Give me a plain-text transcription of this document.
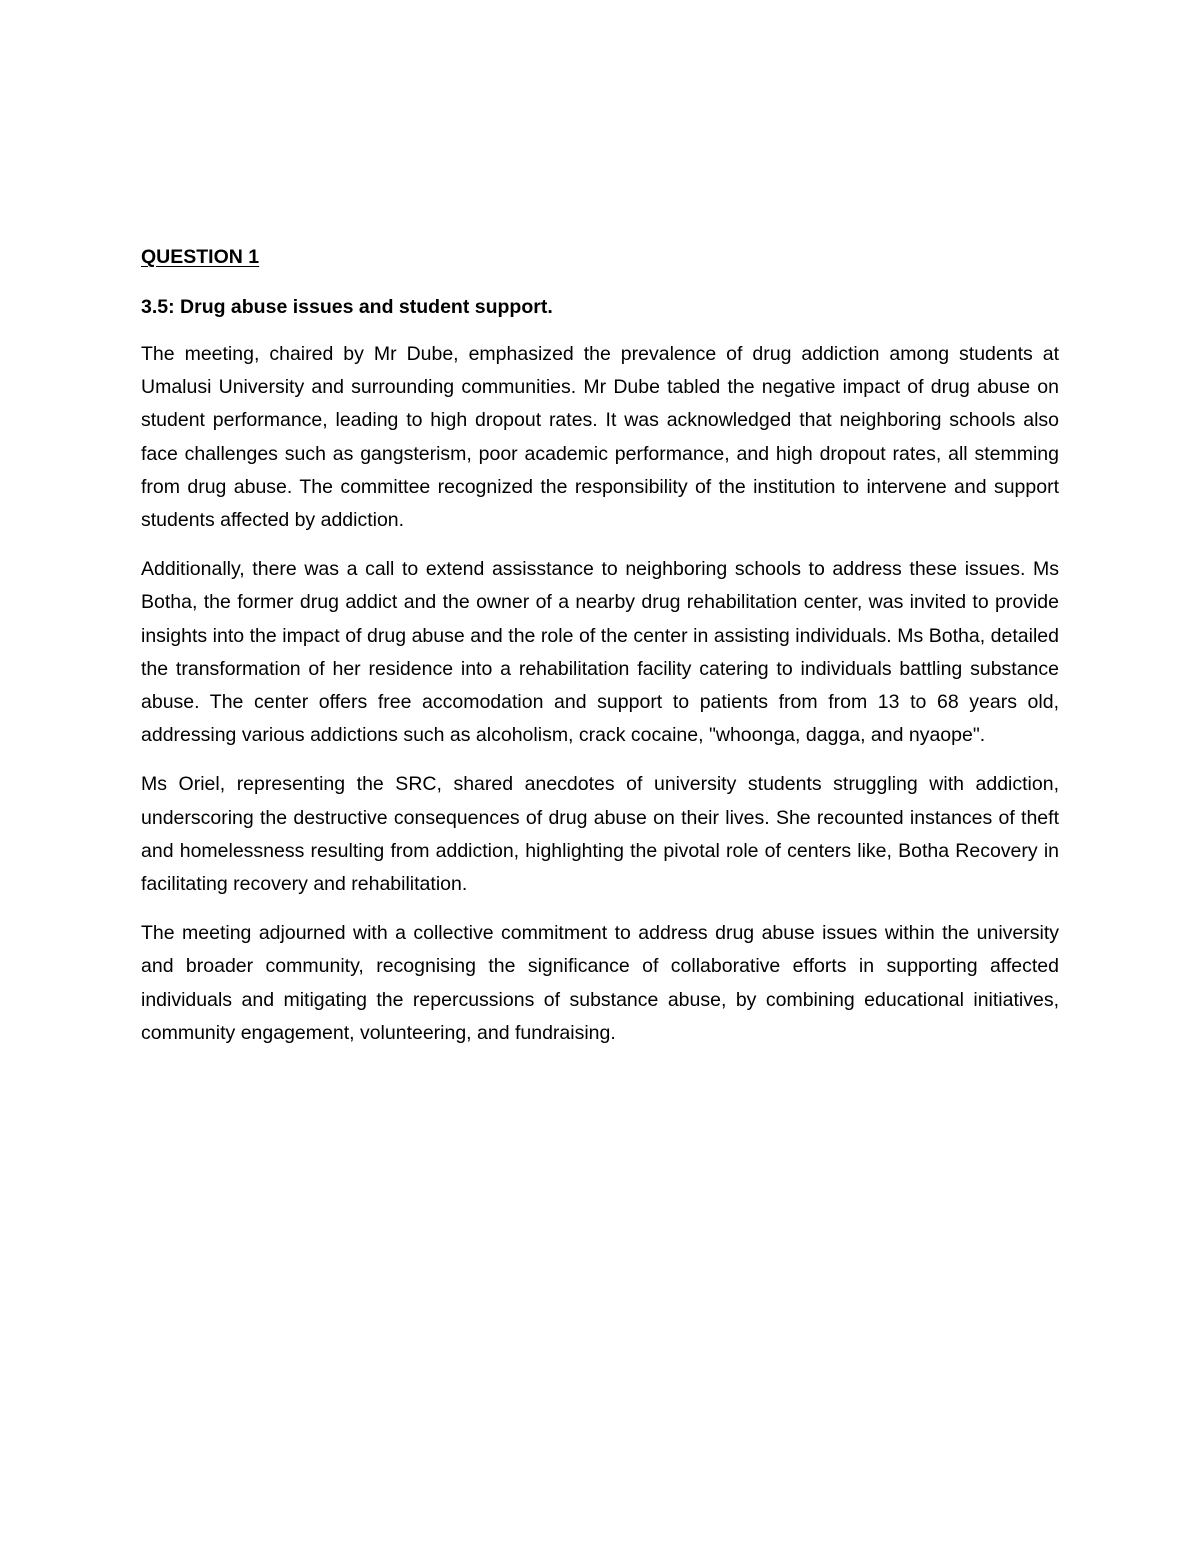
QUESTION 1
3.5: Drug abuse issues and student support.

The meeting, chaired by Mr Dube, emphasized the prevalence of drug addiction among students at Umalusi University and surrounding communities. Mr Dube tabled the negative impact of drug abuse on student performance, leading to high dropout rates. It was acknowledged that neighboring schools also face challenges such as gangsterism, poor academic performance, and high dropout rates, all stemming from drug abuse. The committee recognized the responsibility of the institution to intervene and support students affected by addiction.

Additionally, there was a call to extend assisstance to neighboring schools to address these issues. Ms Botha, the former drug addict and the owner of a nearby drug rehabilitation center, was invited to provide insights into the impact of drug abuse and the role of the center in assisting individuals. Ms Botha, detailed the transformation of her residence into a rehabilitation facility catering to individuals battling substance abuse. The center offers free accomodation and support to patients from from 13 to 68 years old, addressing various addictions such as alcoholism, crack cocaine, "whoonga, dagga, and nyaope".

Ms Oriel, representing the SRC, shared anecdotes of university students struggling with addiction, underscoring the destructive consequences of drug abuse on their lives. She recounted instances of theft and homelessness resulting from addiction, highlighting the pivotal role of centers like, Botha Recovery in facilitating recovery and rehabilitation.

The meeting adjourned with a collective commitment to address drug abuse issues within the university and broader community, recognising the significance of collaborative efforts in supporting affected individuals and mitigating the repercussions of substance abuse, by combining educational initiatives, community engagement, volunteering, and fundraising.
